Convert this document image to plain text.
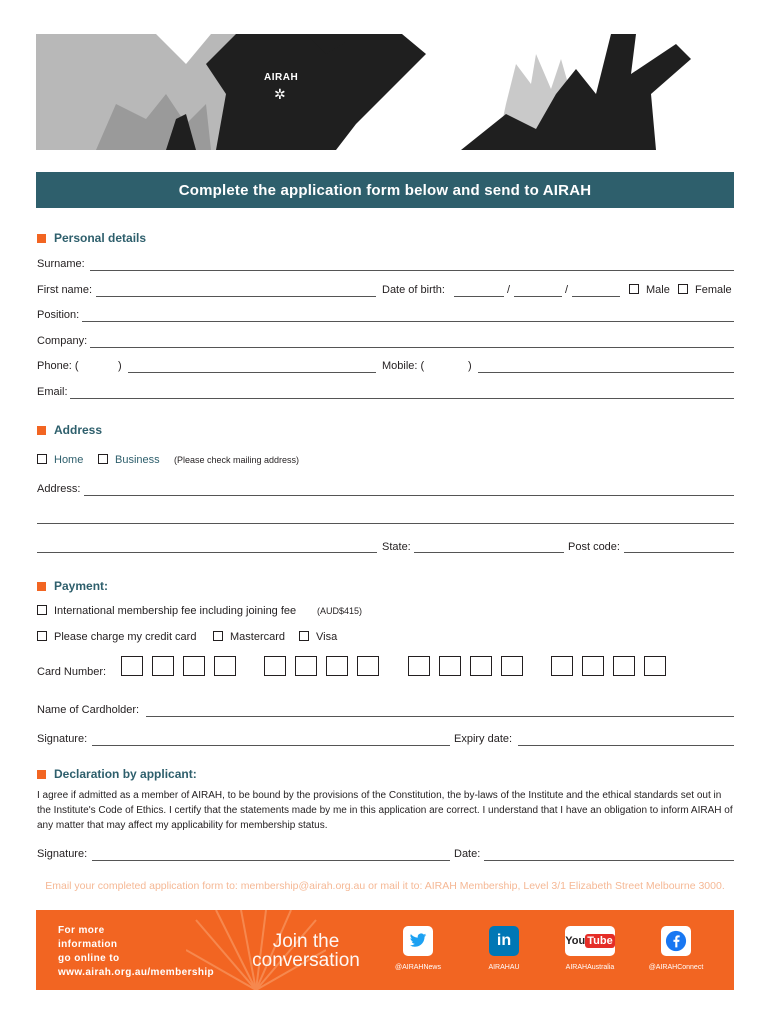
AIRAH
✲
Complete the application form below and send to AIRAH
Personal details
Surname:
First name:	Date of birth:	/	/	Male Female
Position:
Company:
Phone: (	)	Mobile: (	)
Email:
Address
Home	Business (Please check mailing address)
Address:
State:	Post code:
Payment:
International membership fee including joining fee (AUD$415)
Please charge my credit card	Mastercard	Visa
Card Number:
Name of Cardholder:
Signature:	Expiry date:
Declaration by applicant:
I agree if admitted as a member of AIRAH, to be bound by the provisions of the Constitution, the by-laws of the Institute and the ethical standards set out in the Institute's Code of Ethics. I certify that the statements made by me in this application are correct. I understand that I have an obligation to inform AIRAH of any matter that may affect my applicability for membership status.
Signature:	Date:
Email your completed application form to: membership@airah.org.au or mail it to: AIRAH Membership, Level 3/1 Elizabeth Street Melbourne 3000.
For more
information
go online to
www.airah.org.au/membership
Join the
conversation	@AIRAHNews
in
AIRAHAU
You Tube
AIRAHAustralia	@AIRAHConnect
